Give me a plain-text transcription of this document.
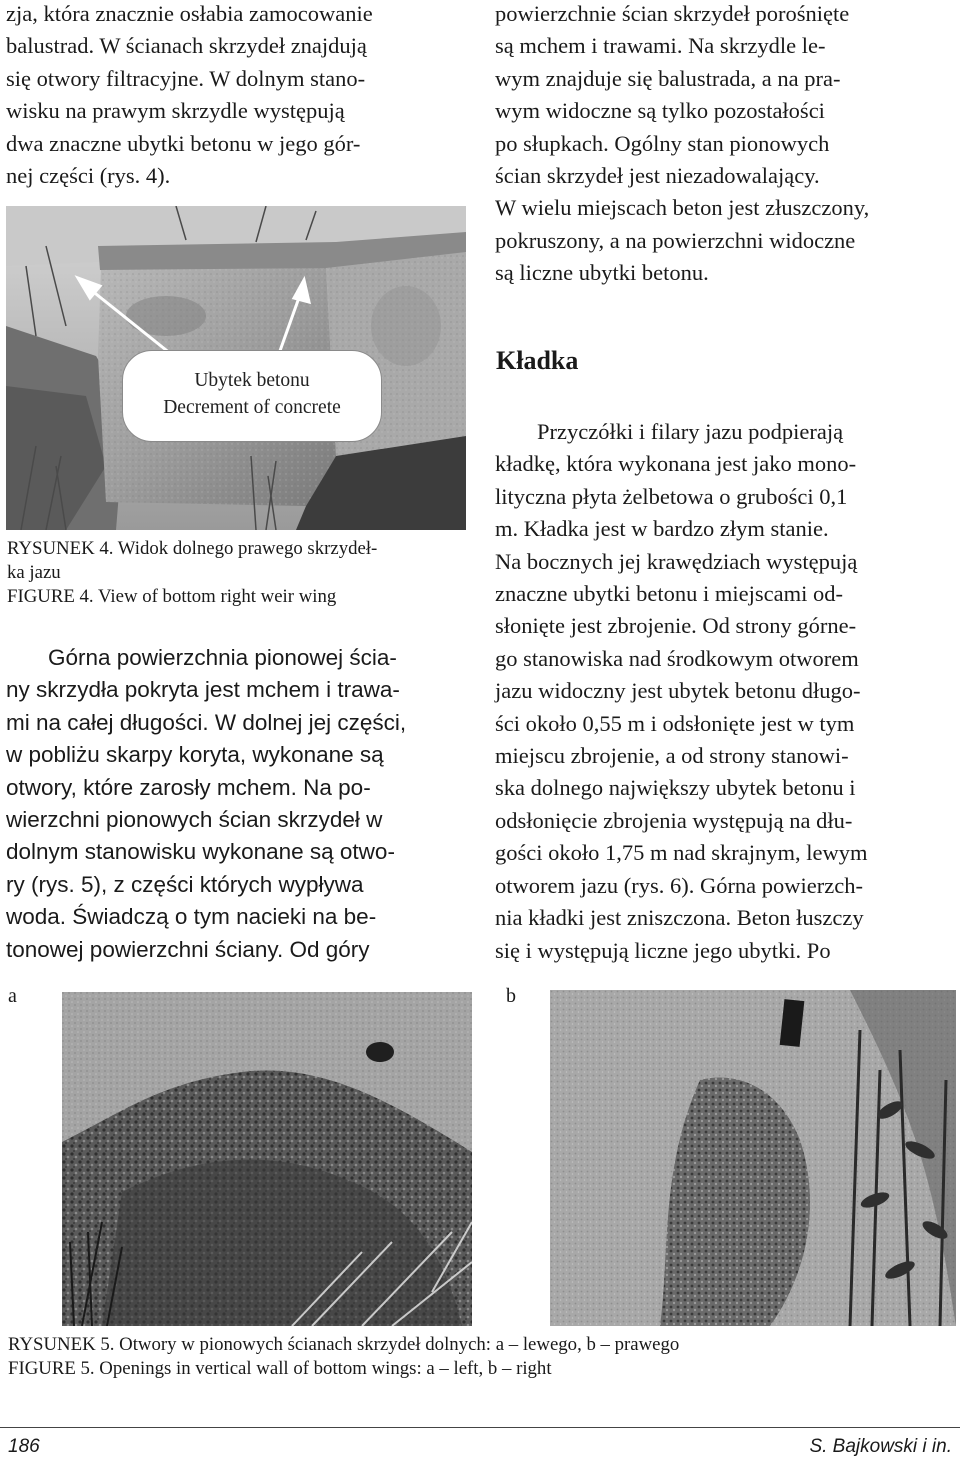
zja, która znacznie osłabia zamocowanie

balustrad. W ścianach skrzydeł znajdują

się otwory filtracyjne. W dolnym stano-

wisku na prawym skrzydle występują

dwa znaczne ubytki betonu w jego gór-

nej części (rys. 4).

powierzchnie ścian skrzydeł porośnięte

są mchem i trawami. Na skrzydle le-

wym znajduje się balustrada, a na pra-

wym widoczne są tylko pozostałości

po słupkach. Ogólny stan pionowych

ścian skrzydeł jest niezadowalający.

W wielu miejscach beton jest złuszczony,

pokruszony, a na powierzchni widoczne

są liczne ubytki betonu.

Ubytek betonu
Decrement of concrete
RYSUNEK 4. Widok dolnego prawego skrzydeł-
ka jazu
FIGURE 4. View of bottom right weir wing

Górna powierzchnia pionowej ścia-

ny skrzydła pokryta jest mchem i trawa-

mi na całej długości. W dolnej jej części,

w pobliżu skarpy koryta, wykonane są

otwory, które zarosły mchem. Na po-

wierzchni pionowych ścian skrzydeł w

dolnym stanowisku wykonane są otwo-

ry (rys. 5), z części których wypływa

woda. Świadczą o tym nacieki na be-

tonowej powierzchni ściany. Od góry

Kładka

Przyczółki i filary jazu podpierają

kładkę, która wykonana jest jako mono-

lityczna płyta żelbetowa o grubości 0,1

m. Kładka jest w bardzo złym stanie.

Na bocznych jej krawędziach występują

znaczne ubytki betonu i miejscami od-

słonięte jest zbrojenie. Od strony górne-

go stanowiska nad środkowym otworem

jazu widoczny jest ubytek betonu długo-

ści około 0,55 m i odsłonięte jest w tym

miejscu zbrojenie, a od strony stanowi-

ska dolnego największy ubytek betonu i

odsłonięcie zbrojenia występują na dłu-

gości około 1,75 m nad skrajnym, lewym

otworem jazu (rys. 6). Górna powierzch-

nia kładki jest zniszczona. Beton łuszczy

się i występują liczne jego ubytki. Po

a	b
RYSUNEK 5. Otwory w pionowych ścianach skrzydeł dolnych: a – lewego, b – prawego
FIGURE 5. Openings in vertical wall of bottom wings: a – left, b – right
186	S. Bajkowski i in.
